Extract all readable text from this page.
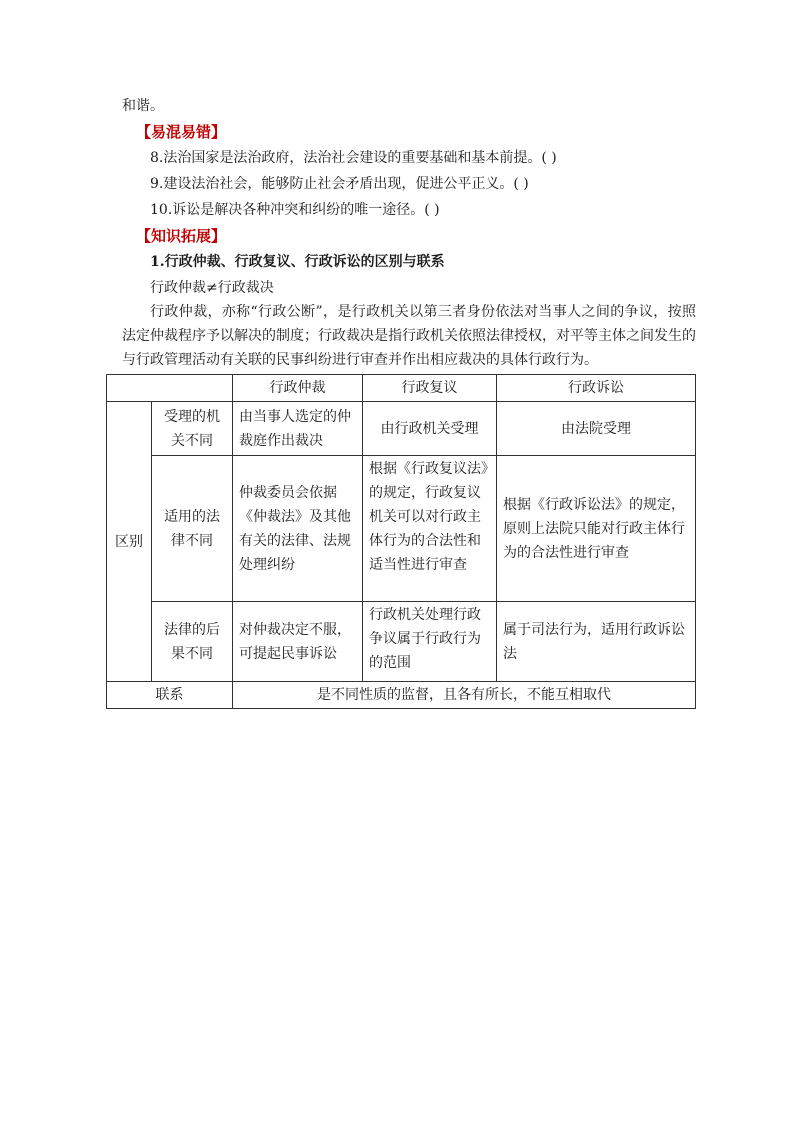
和谐。
【易混易错】
8.法治国家是法治政府，法治社会建设的重要基础和基本前提。( )
9.建设法治社会，能够防止社会矛盾出现，促进公平正义。( )
10.诉讼是解决各种冲突和纠纷的唯一途径。( )
【知识拓展】
1.行政仲裁、行政复议、行政诉讼的区别与联系
行政仲裁≠行政裁决
行政仲裁，亦称“行政公断”，是行政机关以第三者身份依法对当事人之间的争议，按照法定仲裁程序予以解决的制度；行政裁决是指行政机关依照法律授权，对平等主体之间发生的与行政管理活动有关联的民事纠纷进行审查并作出相应裁决的具体行政行为。
		行政仲裁	行政复议	行政诉讼
区别	受理的机关不同	由当事人选定的仲裁庭作出裁决	由行政机关受理	由法院受理
	适用的法律不同	仲裁委员会依据《仲裁法》及其他有关的法律、法规处理纠纷	根据《行政复议法》的规定，行政复议机关可以对行政主体行为的合法性和适当性进行审查	根据《行政诉讼法》的规定，原则上法院只能对行政主体行为的合法性进行审查
	法律的后果不同	对仲裁决定不服，可提起民事诉讼	行政机关处理行政争议属于行政行为的范围	属于司法行为，适用行政诉讼法
联系		是不同性质的监督，且各有所长，不能互相取代		
